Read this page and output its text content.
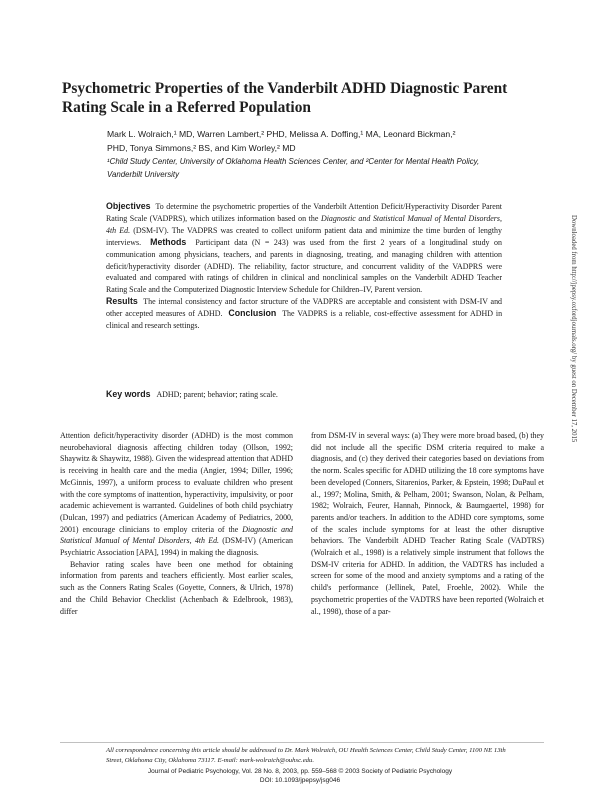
Psychometric Properties of the Vanderbilt ADHD Diagnostic Parent Rating Scale in a Referred Population
Mark L. Wolraich,¹ MD, Warren Lambert,² PHD, Melissa A. Doffing,¹ MA, Leonard Bickman,²
PHD, Tonya Simmons,² BS, and Kim Worley,² MD
¹Child Study Center, University of Oklahoma Health Sciences Center, and ²Center for Mental Health Policy, Vanderbilt University
Objectives To determine the psychometric properties of the Vanderbilt Attention Deficit/Hyperactivity Disorder Parent Rating Scale (VADPRS), which utilizes information based on the Diagnostic and Statistical Manual of Mental Disorders, 4th Ed. (DSM-IV). The VADPRS was created to collect uniform patient data and minimize the time burden of lengthy interviews. Methods Participant data (N = 243) was used from the first 2 years of a longitudinal study on communication among physicians, teachers, and parents in diagnosing, treating, and managing children with attention deficit/hyperactivity disorder (ADHD). The reliability, factor structure, and concurrent validity of the VADPRS were evaluated and compared with ratings of children in clinical and nonclinical samples on the Vanderbilt ADHD Teacher Rating Scale and the Computerized Diagnostic Interview Schedule for Children–IV, Parent version.
Results The internal consistency and factor structure of the VADPRS are acceptable and consistent with DSM-IV and other accepted measures of ADHD. Conclusion The VADPRS is a reliable, cost-effective assessment for ADHD in clinical and research settings.
Key words ADHD; parent; behavior; rating scale.

Attention deficit/hyperactivity disorder (ADHD) is the most common neurobehavioral diagnosis affecting children today (Ollson, 1992; Shaywitz & Shaywitz, 1988). Given the widespread attention that ADHD is receiving in health care and the media (Angier, 1994; Diller, 1996; McGinnis, 1997), a uniform process to evaluate children who present with the core symptoms of inattention, hyperactivity, impulsivity, or poor academic achievement is warranted. Guidelines of both child psychiatry (Dulcan, 1997) and pediatrics (American Academy of Pediatrics, 2000, 2001) encourage clinicians to employ criteria of the Diagnostic and Statistical Manual of Mental Disorders, 4th Ed. (DSM-IV) (American Psychiatric Association [APA], 1994) in making the diagnosis.

Behavior rating scales have been one method for obtaining information from parents and teachers efficiently. Most earlier scales, such as the Conners Rating Scales (Goyette, Conners, & Ulrich, 1978) and the Child Behavior Checklist (Achenbach & Edelbrook, 1983), differ

from DSM-IV in several ways: (a) They were more broad based, (b) they did not include all the specific DSM criteria required to make a diagnosis, and (c) they derived their categories based on deviations from the norm. Scales specific for ADHD utilizing the 18 core symptoms have been developed (Conners, Sitarenios, Parker, & Epstein, 1998; DuPaul et al., 1997; Molina, Smith, & Pelham, 2001; Swanson, Nolan, & Pelham, 1982; Wolraich, Feurer, Hannah, Pinnock, & Baumgaertel, 1998) for parents and/or teachers. In addition to the ADHD core symptoms, some of the scales include symptoms for at least the other disruptive behaviors. The Vanderbilt ADHD Teacher Rating Scale (VADTRS) (Wolraich et al., 1998) is a relatively simple instrument that follows the DSM-IV criteria for ADHD. In addition, the VADTRS has included a screen for some of the mood and anxiety symptoms and a rating of the child's performance (Jellinek, Patel, Froehle, 2002). While the psychometric properties of the VADTRS have been reported (Wolraich et al., 1998), those of a par-

All correspondence concerning this article should be addressed to Dr. Mark Wolraich, OU Health Sciences Center, Child Study Center, 1100 NE 13th Street, Oklahoma City, Oklahoma 73117. E-mail: mark-wolraich@ouhsc.edu.
Journal of Pediatric Psychology, Vol. 28 No. 8, 2003, pp. 559–568 © 2003 Society of Pediatric Psychology
DOI: 10.1093/jpepsy/jsg046
Downloaded from http://jpepsy.oxfordjournals.org/ by guest on December 17, 2015
